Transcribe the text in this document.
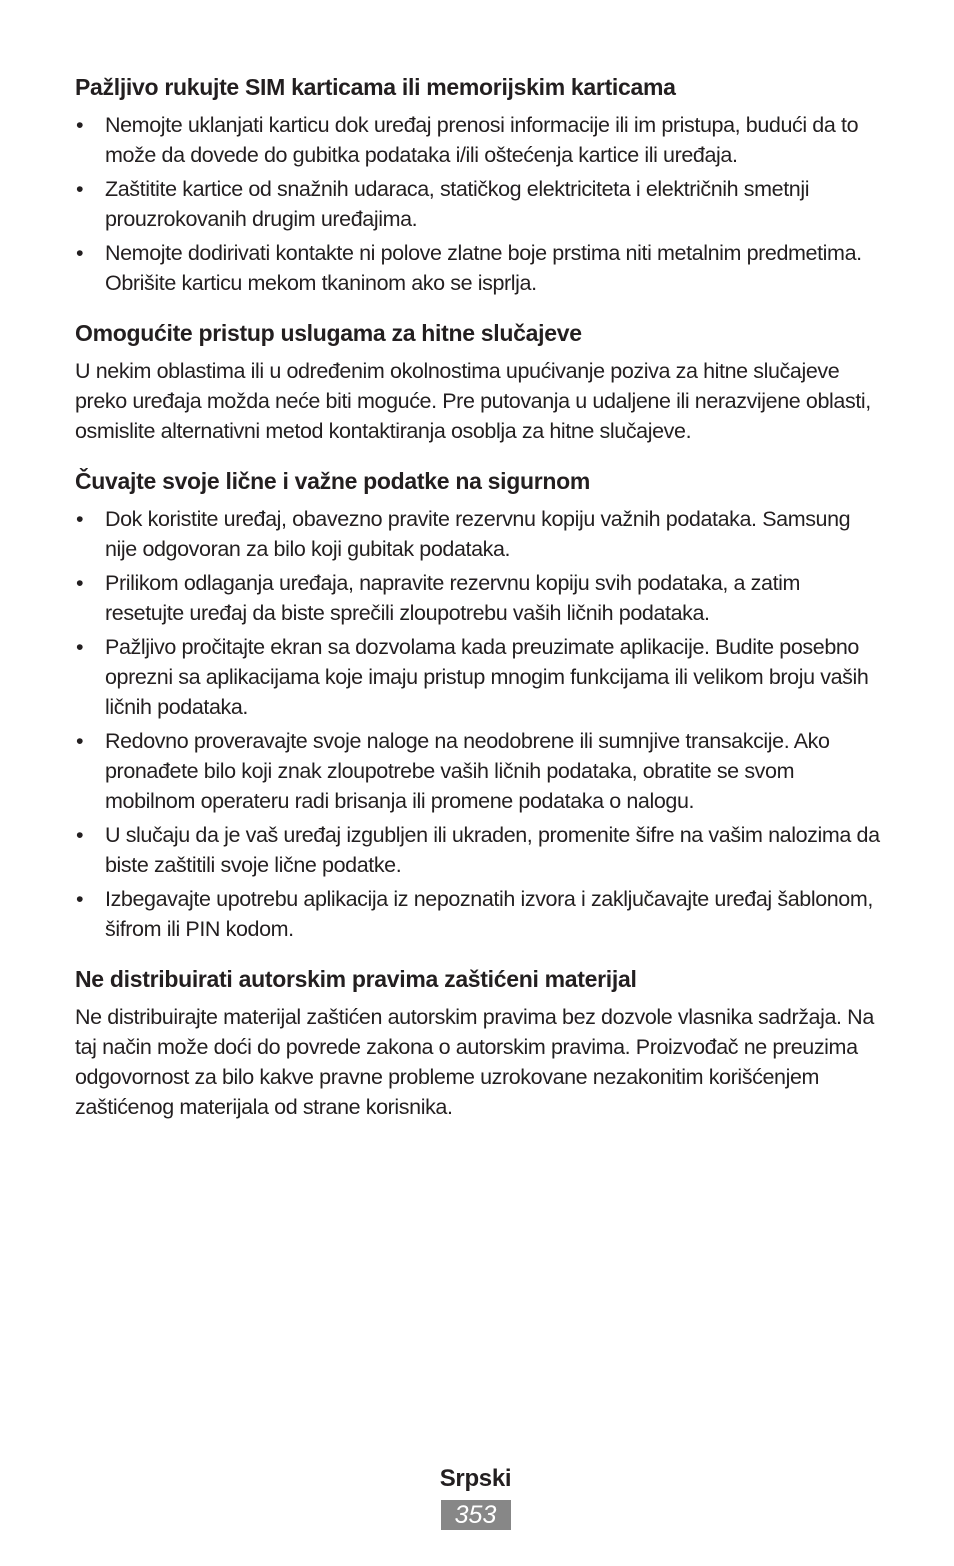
Pažljivo rukujte SIM karticama ili memorijskim karticama
• Nemojte uklanjati karticu dok uređaj prenosi informacije ili im pristupa, budući da to može da dovede do gubitka podataka i/ili oštećenja kartice ili uređaja.
• Zaštitite kartice od snažnih udaraca, statičkog elektriciteta i električnih smetnji prouzrokovanih drugim uređajima.
• Nemojte dodirivati kontakte ni polove zlatne boje prstima niti metalnim predmetima. Obrišite karticu mekom tkaninom ako se isprlja.
Omogućite pristup uslugama za hitne slučajeve

U nekim oblastima ili u određenim okolnostima upućivanje poziva za hitne slučajeve preko uređaja možda neće biti moguće. Pre putovanja u udaljene ili nerazvijene oblasti, osmislite alternativni metod kontaktiranja osoblja za hitne slučajeve.

Čuvajte svoje lične i važne podatke na sigurnom
• Dok koristite uređaj, obavezno pravite rezervnu kopiju važnih podataka. Samsung nije odgovoran za bilo koji gubitak podataka.
• Prilikom odlaganja uređaja, napravite rezervnu kopiju svih podataka, a zatim resetujte uređaj da biste sprečili zloupotrebu vaših ličnih podataka.
• Pažljivo pročitajte ekran sa dozvolama kada preuzimate aplikacije. Budite posebno oprezni sa aplikacijama koje imaju pristup mnogim funkcijama ili velikom broju vaših ličnih podataka.
• Redovno proveravajte svoje naloge na neodobrene ili sumnjive transakcije. Ako pronađete bilo koji znak zloupotrebe vaših ličnih podataka, obratite se svom mobilnom operateru radi brisanja ili promene podataka o nalogu.
• U slučaju da je vaš uređaj izgubljen ili ukraden, promenite šifre na vašim nalozima da biste zaštitili svoje lične podatke.
• Izbegavajte upotrebu aplikacija iz nepoznatih izvora i zaključavajte uređaj šablonom, šifrom ili PIN kodom.
Ne distribuirati autorskim pravima zaštićeni materijal

Ne distribuirajte materijal zaštićen autorskim pravima bez dozvole vlasnika sadržaja. Na taj način može doći do povrede zakona o autorskim pravima. Proizvođač ne preuzima odgovornost za bilo kakve pravne probleme uzrokovane nezakonitim korišćenjem zaštićenog materijala od strane korisnika.

Srpski
353
